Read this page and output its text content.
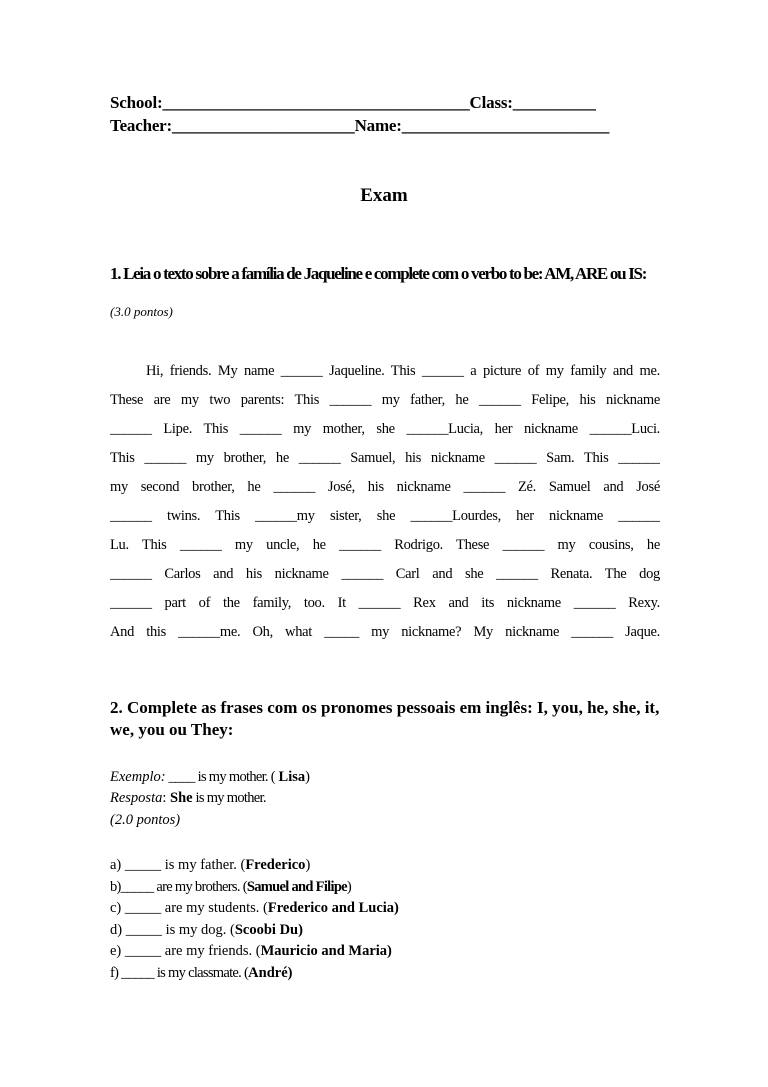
School:_____________________________________Class:__________
Teacher:______________________Name:_________________________
Exam
1. Leia o texto sobre a família de Jaqueline e complete com o verbo to be: AM, ARE ou IS:
(3.0 pontos)
Hi, friends. My name ______ Jaqueline. This ______ a picture of my family and me.
These are my two parents: This ______ my father, he ______ Felipe, his nickname
______ Lipe. This ______ my mother, she ______Lucia, her nickname ______Luci.
This ______ my brother, he ______ Samuel, his nickname ______ Sam. This ______
my second brother, he ______ José, his nickname ______ Zé. Samuel and José
______ twins. This ______my sister, she ______Lourdes, her nickname ______
Lu. This ______ my uncle, he ______ Rodrigo. These ______ my cousins, he
______ Carlos and his nickname ______ Carl and she ______ Renata. The dog
______ part of the family, too. It ______ Rex and its nickname ______ Rexy.
And this ______me. Oh, what _____ my nickname? My nickname ______ Jaque.
2. Complete as frases com os pronomes pessoais em inglês: I, you, he, she, it, we, you ou They:
Exemplo: ____ is my mother. ( Lisa)
Resposta: She is my mother.
(2.0 pontos)
a) _____ is my father. (Frederico)
b)_____ are my brothers. (Samuel and Filipe)
c) _____ are my students. (Frederico and Lucia)
d) _____ is my dog. (Scoobi Du)
e) _____ are my friends. (Mauricio and Maria)
f) _____ is my classmate. (André)
